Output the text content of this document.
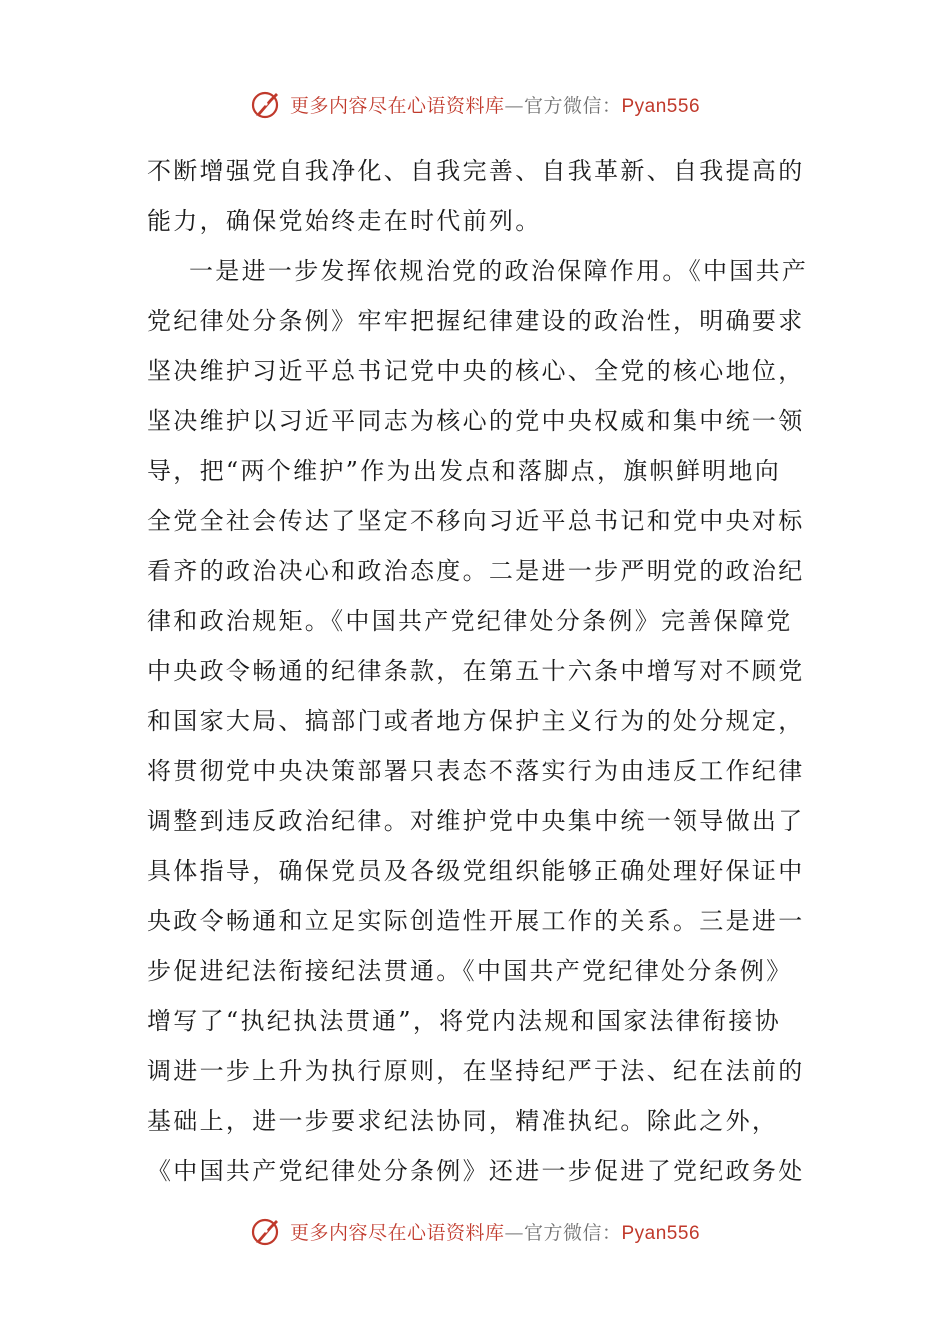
更多内容尽在心语资料库—官方微信：Pyan556
不断增强党自我净化、自我完善、自我革新、自我提高的
能力，确保党始终走在时代前列。
一是进一步发挥依规治党的政治保障作用。《中国共产
党纪律处分条例》牢牢把握纪律建设的政治性，明确要求
坚决维护习近平总书记党中央的核心、全党的核心地位，
坚决维护以习近平同志为核心的党中央权威和集中统一领
导，把“两个维护”作为出发点和落脚点，旗帜鲜明地向
全党全社会传达了坚定不移向习近平总书记和党中央对标
看齐的政治决心和政治态度。二是进一步严明党的政治纪
律和政治规矩。《中国共产党纪律处分条例》完善保障党
中央政令畅通的纪律条款，在第五十六条中增写对不顾党
和国家大局、搞部门或者地方保护主义行为的处分规定，
将贯彻党中央决策部署只表态不落实行为由违反工作纪律
调整到违反政治纪律。对维护党中央集中统一领导做出了
具体指导，确保党员及各级党组织能够正确处理好保证中
央政令畅通和立足实际创造性开展工作的关系。三是进一
步促进纪法衔接纪法贯通。《中国共产党纪律处分条例》
增写了“执纪执法贯通”，将党内法规和国家法律衔接协
调进一步上升为执行原则，在坚持纪严于法、纪在法前的
基础上，进一步要求纪法协同，精准执纪。除此之外，
《中国共产党纪律处分条例》还进一步促进了党纪政务处
更多内容尽在心语资料库—官方微信：Pyan556
